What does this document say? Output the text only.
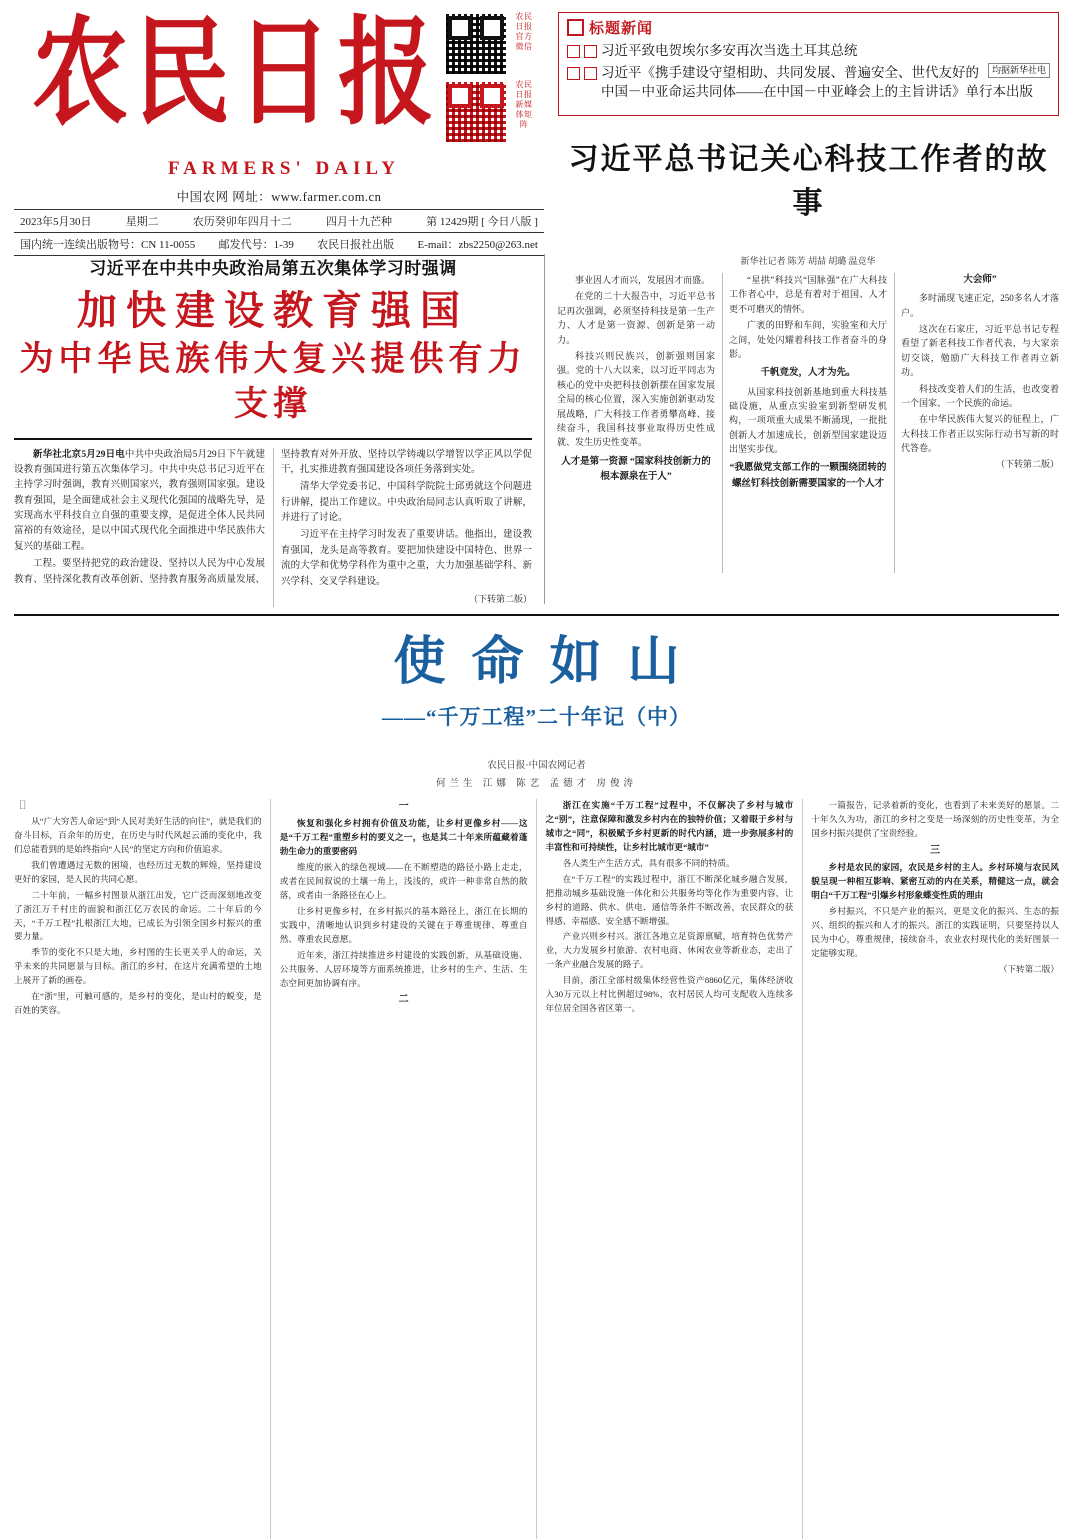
农民日报
FARMERS' DAILY
中国农网 网址：www.farmer.com.cn
农民日报
官方微信
农民日报
新媒体矩阵
2023年5月30日	星期二	农历癸卯年四月十二	四月十九芒种	第 12429期 [ 今日八版 ]
国内统一连续出版物号：CN 11-0055 邮发代号：1-39 农民日报社出版 E-mail：zbs2250@263.net
标题新闻
习近平致电贺埃尔多安再次当选土耳其总统
均据新华社电
习近平《携手建设守望相助、共同发展、普遍安全、世代友好的中国－中亚命运共同体——在中国－中亚峰会上的主旨讲话》单行本出版
习近平总书记关心科技工作者的故事
习近平在中共中央政治局第五次集体学习时强调
加快建设教育强国
为中华民族伟大复兴提供有力支撑

新华社北京5月29日电中共中央政治局5月29日下午就建设教育强国进行第五次集体学习。中共中央总书记习近平在主持学习时强调，教育兴则国家兴，教育强则国家强。建设教育强国，是全面建成社会主义现代化强国的战略先导，是实现高水平科技自立自强的重要支撑，是促进全体人民共同富裕的有效途径，是以中国式现代化全面推进中华民族伟大复兴的基础工程。

工程。要坚持把党的政治建设、坚持以人民为中心发展教育、坚持深化教育改革创新、坚持教育服务高质量发展、坚持教育对外开放、坚持以学铸魂以学增智以学正风以学促干，扎实推进教育强国建设各项任务落到实处。

清华大学党委书记、中国科学院院士邱勇就这个问题进行讲解，提出工作建议。中央政治局同志认真听取了讲解，并进行了讨论。

习近平在主持学习时发表了重要讲话。他指出，建设教育强国，龙头是高等教育。要把加快建设中国特色、世界一流的大学和优势学科作为重中之重，大力加强基础学科、新兴学科、交叉学科建设。

（下转第二版）

新华社记者 陈芳 胡喆 胡璐 温竞华

事业因人才而兴，发展因才而盛。

在党的二十大报告中，习近平总书记再次强调，必须坚持科技是第一生产力、人才是第一资源、创新是第一动力。

科技兴则民族兴，创新强则国家强。党的十八大以来，以习近平同志为核心的党中央把科技创新摆在国家发展全局的核心位置，深入实施创新驱动发展战略，广大科技工作者勇攀高峰、接续奋斗，我国科技事业取得历史性成就、发生历史性变革。

人才是第一资源 “国家科技创新力的根本源泉在于人”

“星拱”科技兴“国脉强”在广大科技工作者心中，总是有着对于祖国、人才更不可磨灭的情怀。

广袤的田野和车间，实验室和大厅之间，处处闪耀着科技工作者奋斗的身影。

千帆竞发，人才为先。

从国家科技创新基地到重大科技基础设施，从重点实验室到新型研发机构，一项项重大成果不断涌现，一批批创新人才加速成长，创新型国家建设迈出坚实步伐。

“我愿做党支部工作的一颗围绕团转的螺丝钉科技创新需要国家的一个人才大会师”

多时涌现飞速正定，250多名人才落户。

这次在石家庄，习近平总书记专程看望了新老科技工作者代表，与大家亲切交谈，勉励广大科技工作者再立新功。

科技改变着人们的生活，也改变着一个国家、一个民族的命运。

在中华民族伟大复兴的征程上，广大科技工作者正以实际行动书写新的时代答卷。

（下转第二版）

使命如山
——“千万工程”二十年记（中）
农民日报·中国农网记者
何兰生 江娜 陈艺 孟德才 房俊涛

［］

从“广大穷苦人命运”到“人民对美好生活的向往”，就是我们的奋斗目标，百余年的历史，在历史与时代风起云涌的变化中，我们总能看到的是始终指向“人民”的坚定方向和价值追求。

我们曾遭遇过无数的困境，也经历过无数的辉煌，坚持建设更好的家园，是人民的共同心愿。

二十年前，一幅乡村图景从浙江出发，它广泛而深刻地改变了浙江万千村庄的面貌和浙江亿万农民的命运。二十年后的今天，“千万工程”扎根浙江大地，已成长为引领全国乡村振兴的重要力量。

季节的变化不只是大地，乡村图的生长更关乎人的命运，关乎未来的共同愿景与目标。浙江的乡村，在这片充满希望的土地上展开了新的画卷。

在“浙”里，可触可感的，是乡村的变化，是山村的蜕变，是百姓的笑容。

一

恢复和强化乡村拥有价值及功能，让乡村更像乡村——这是“千万工程”重塑乡村的要义之一，也是其二十年来所蕴藏着蓬勃生命力的重要密码

维度的嵌入的绿色视域——在不断塑造的路径小路上走走，或者在民间叙说的土壤一角上，浅浅的，或许一种非常自然的散落，或者由一条路径在心上。

让乡村更像乡村，在乡村振兴的基本路径上，浙江在长期的实践中，清晰地认识到乡村建设的关键在于尊重规律、尊重自然、尊重农民意愿。

近年来，浙江持续推进乡村建设的实践创新，从基础设施、公共服务、人居环境等方面系统推进，让乡村的生产、生活、生态空间更加协调有序。

二

浙江在实施“千万工程”过程中，不仅解决了乡村与城市之“别”，注意保障和激发乡村内在的独特价值；又着眼于乡村与城市之“同”，积极赋予乡村更新的时代内涵，进一步弥展多村的丰富性和可持续性，让乡村比城市更“城市”

各人类生产生活方式，具有很多不同的特质。

在“千万工程”的实践过程中，浙江不断深化城乡融合发展，把推动城乡基础设施一体化和公共服务均等化作为重要内容，让乡村的道路、供水、供电、通信等条件不断改善，农民群众的获得感、幸福感、安全感不断增强。

产业兴则乡村兴。浙江各地立足资源禀赋，培育特色优势产业，大力发展乡村旅游、农村电商、休闲农业等新业态，走出了一条产业融合发展的路子。

目前，浙江全部村级集体经营性资产8860亿元，集体经济收入30万元以上村比例超过98%，农村居民人均可支配收入连续多年位居全国各省区第一。

一篇报告，记录着新的变化，也看到了未来美好的愿景。二十年久久为功，浙江的乡村之变是一场深刻的历史性变革，为全国乡村振兴提供了宝贵经验。

三

乡村是农民的家园，农民是乡村的主人。乡村环境与农民风貌呈现一种相互影响、紧密互动的内在关系，精健这一点，就会明白“千万工程”引爆乡村形象蝶变性质的理由

乡村振兴，不只是产业的振兴，更是文化的振兴、生态的振兴、组织的振兴和人才的振兴。浙江的实践证明，只要坚持以人民为中心，尊重规律，接续奋斗，农业农村现代化的美好图景一定能够实现。

（下转第二版）
